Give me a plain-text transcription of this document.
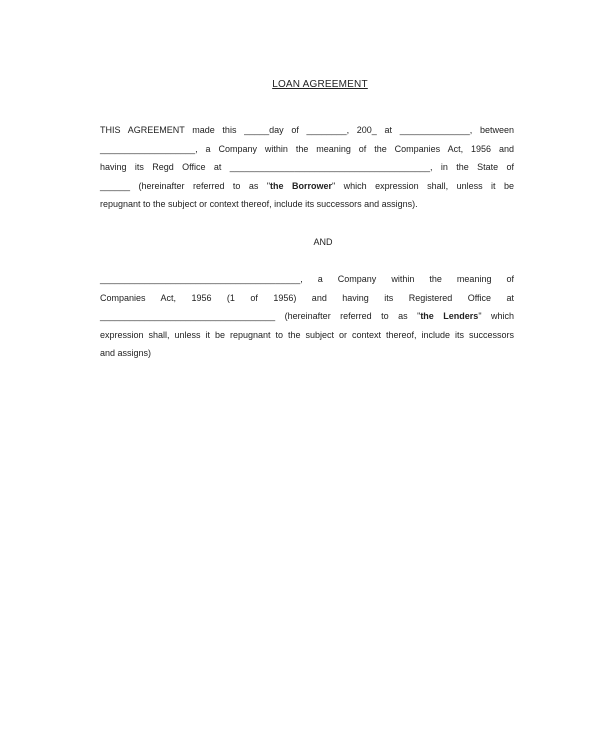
LOAN AGREEMENT
THIS AGREEMENT made this _____day of ________, 200_ at ______________, between
___________________, a Company within the meaning of the Companies Act, 1956 and
having its Regd Office at ________________________________________, in the State of
______ (hereinafter referred to as "the Borrower" which expression shall, unless it be
repugnant to the subject or context thereof, include its successors and assigns).
AND
________________________________________, a Company within the meaning of
Companies Act, 1956 (1 of 1956) and having its Registered Office at
___________________________________ (hereinafter referred to as "the Lenders" which
expression shall, unless it be repugnant to the subject or context thereof, include its successors
and assigns)
